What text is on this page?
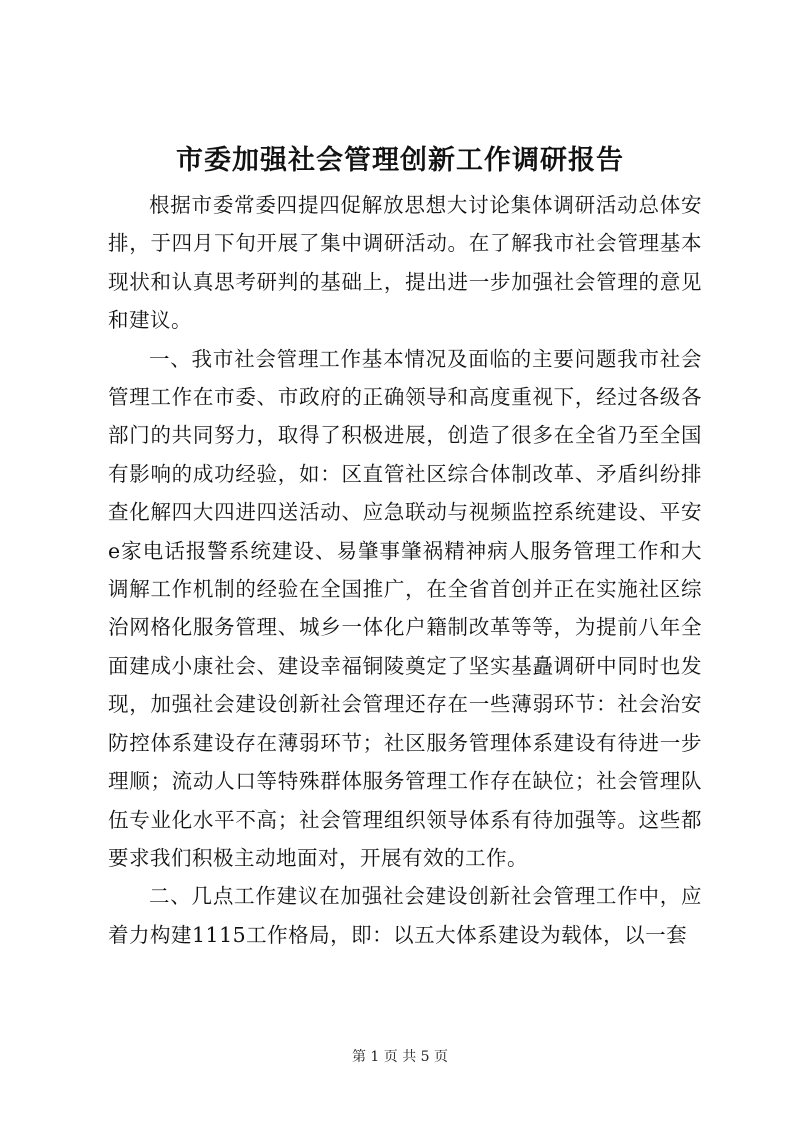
市委加强社会管理创新工作调研报告

根据市委常委四提四促解放思想大讨论集体调研活动总体安排，于四月下旬开展了集中调研活动。在了解我市社会管理基本现状和认真思考研判的基础上，提出进一步加强社会管理的意见和建议。

一、我市社会管理工作基本情况及面临的主要问题我市社会管理工作在市委、市政府的正确领导和高度重视下，经过各级各部门的共同努力，取得了积极进展，创造了很多在全省乃至全国有影响的成功经验，如：区直管社区综合体制改革、矛盾纠纷排查化解四大四进四送活动、应急联动与视频监控系统建设、平安e家电话报警系统建设、易肇事肇祸精神病人服务管理工作和大调解工作机制的经验在全国推广，在全省首创并正在实施社区综治网格化服务管理、城乡一体化户籍制改革等等，为提前八年全面建成小康社会、建设幸福铜陵奠定了坚实基矗调研中同时也发现，加强社会建设创新社会管理还存在一些薄弱环节：社会治安防控体系建设存在薄弱环节；社区服务管理体系建设有待进一步理顺；流动人口等特殊群体服务管理工作存在缺位；社会管理队伍专业化水平不高；社会管理组织领导体系有待加强等。这些都要求我们积极主动地面对，开展有效的工作。

二、几点工作建议在加强社会建设创新社会管理工作中，应着力构建1115工作格局，即：以五大体系建设为载体，以一套

第 1 页 共 5 页
